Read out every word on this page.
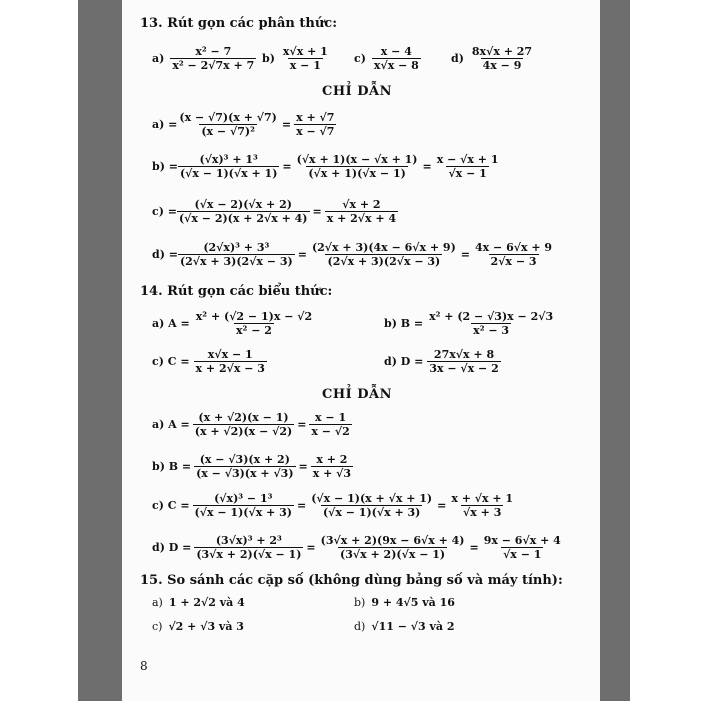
13. Rút gọn các phân thức:
$a) \frac{\text{x² − 7}}{\text{x² − 2√7x + 7}} b) \frac{x√x + 1}{x - 1} c) \frac{x - 4}{x√x - 8}$	$d) \frac{8x√x + 27}{4x - 9}$
CHỈ DẪN
$a) = \frac{(x - √7)(x + √7)}{\text{(x − √7)²}} = \frac{x + √7}{x - √7}$
$b) = \frac{\text{(√x)³ + 1³}}{(√x - 1)(√x + 1)} = \frac{(√x + 1)(x - √x + 1)}{(√x + 1)(√x - 1)} = \frac{x - √x + 1}{√x - 1}$
$c) = \frac{(√x - 2)(√x + 2)}{(√x - 2)(x + 2√x + 4)} = \frac{√x + 2}{x + 2√x + 4}$
$d) = \frac{\text{(2√x)³ + 3³}}{(2√x + 3)(2√x - 3)} = \frac{(2√x + 3)(4x - 6√x + 9)}{(2√x + 3)(2√x - 3)} = \frac{4x - 6√x + 9}{2√x - 3}$
14. Rút gọn các biểu thức:
a) $A = \frac{\text{x² + (√2 − 1)x − √2}}{\text{x² − 2}}$	b) $B = \frac{\text{x² + (2 − √3)x − 2√3}}{\text{x² − 3}}$
c) $C = \frac{x√x - 1}{x + 2√x - 3}$	d) $D = \frac{27x√x + 8}{3x - √x - 2}$
CHỈ DẪN
a) $A = \frac{(x + √2)(x - 1)}{(x + √2)(x - √2)} = \frac{x - 1}{x - √2}$
b) $B = \frac{(x - √3)(x + 2)}{(x - √3)(x + √3)} = \frac{x + 2}{x + √3}$
c) $C = \frac{\text{(√x)³ − 1³}}{(√x - 1)(√x + 3)} = \frac{(√x - 1)(x + √x + 1)}{(√x - 1)(√x + 3)} = \frac{x + √x + 1}{√x + 3}$
d) $D = \frac{\text{(3√x)³ + 2³}}{(3√x + 2)(√x - 1)} = \frac{(3√x + 2)(9x - 6√x + 4)}{(3√x + 2)(√x - 1)} = \frac{9x - 6√x + 4}{√x - 1}$
15. So sánh các cặp số (không dùng bảng số và máy tính):
a) 1 + 2√2 và 4	b) 9 + 4√5 và 16
c) √2 + √3 và 3	d) √11 − √3 và 2
8
